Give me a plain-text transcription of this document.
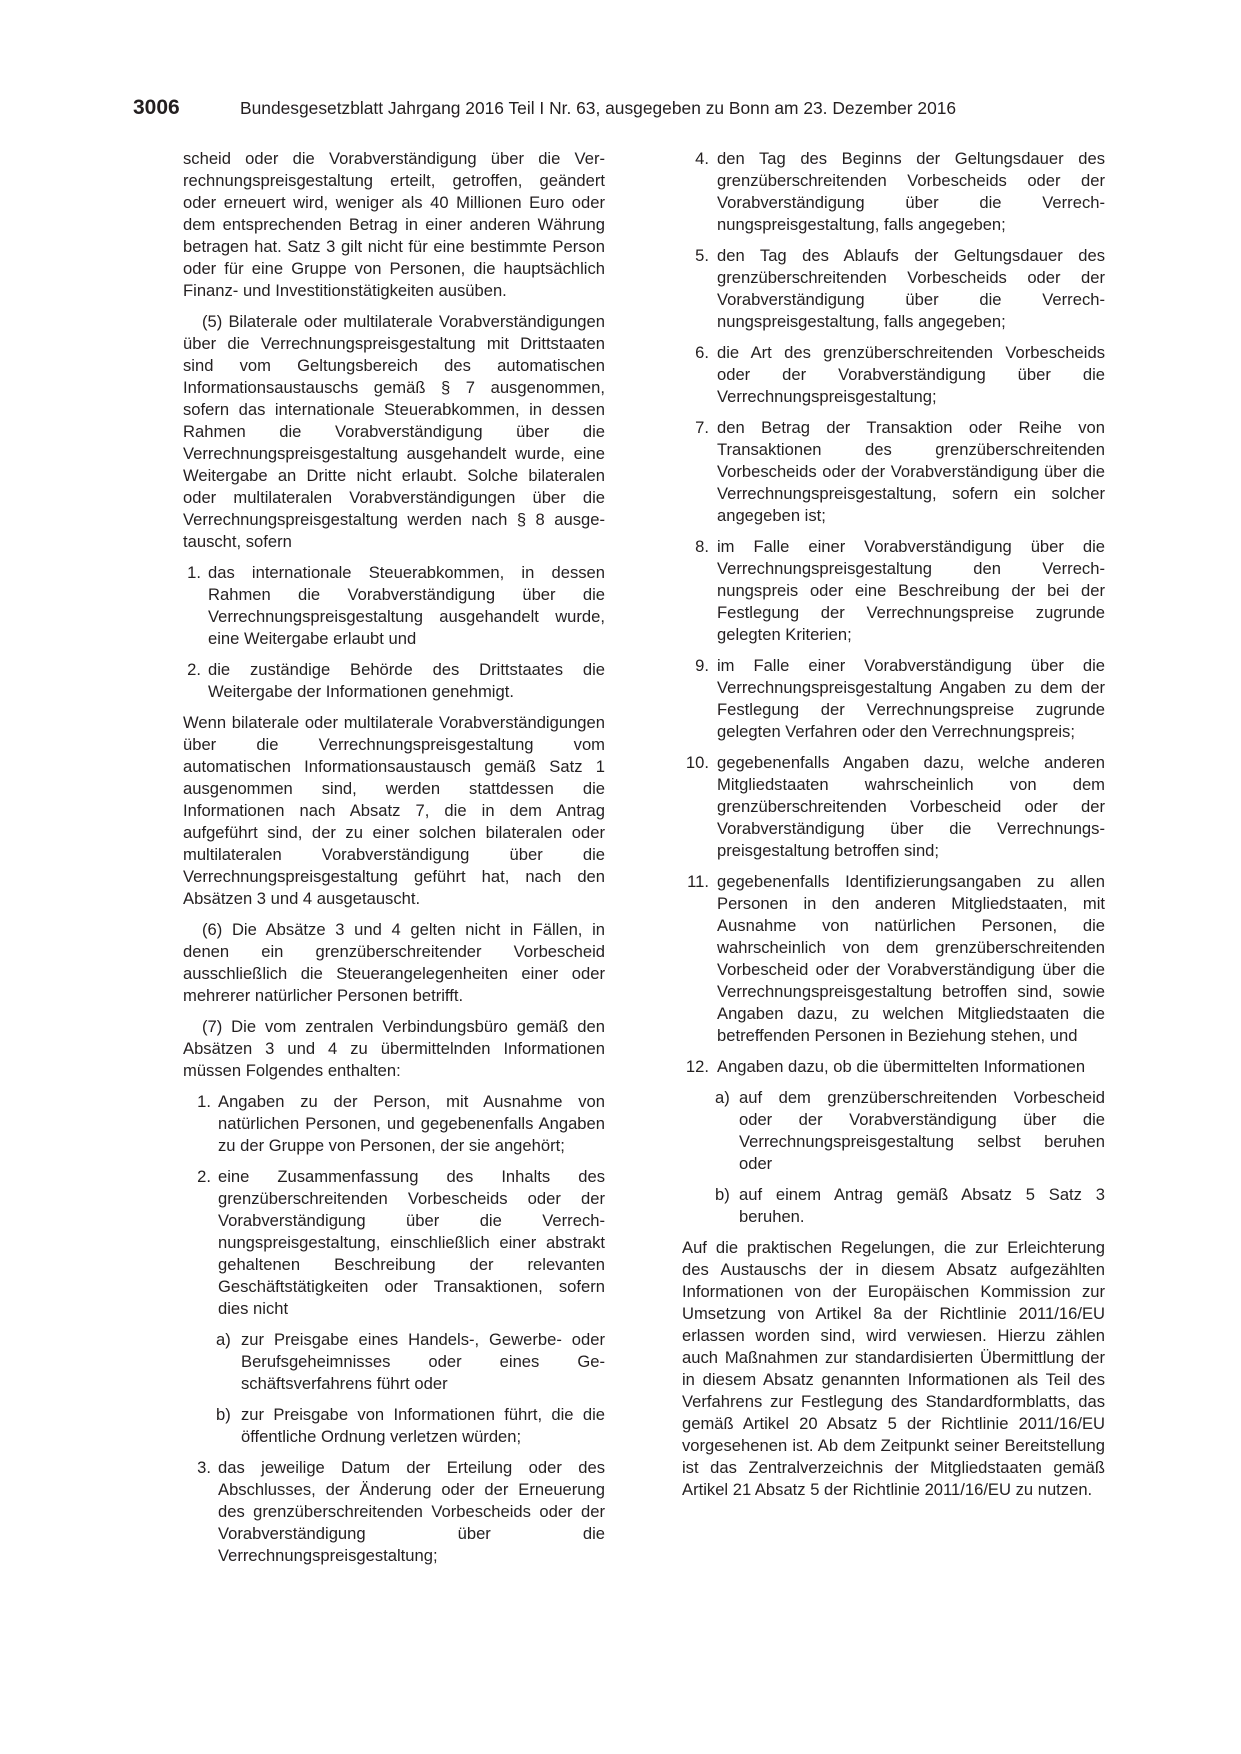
3006	Bundesgesetzblatt Jahrgang 2016 Teil I Nr. 63, ausgegeben zu Bonn am 23. Dezember 2016

scheid oder die Vorabverständigung über die Verrechnungspreisgestaltung erteilt, getroffen, geändert oder erneuert wird, weniger als 40 Millionen Euro oder dem entsprechenden Betrag in einer anderen Währung betragen hat. Satz 3 gilt nicht für eine bestimmte Person oder für eine Gruppe von Personen, die hauptsächlich Finanz- und Investitionstätigkeiten ausüben.

(5) Bilaterale oder multilaterale Vorabverständigungen über die Verrechnungspreisgestaltung mit Drittstaaten sind vom Geltungsbereich des automatischen Informationsaustauschs gemäß § 7 ausgenommen, sofern das internationale Steuerabkommen, in dessen Rahmen die Vorabverständigung über die Verrechnungspreisgestaltung ausgehandelt wurde, eine Weitergabe an Dritte nicht erlaubt. Solche bilateralen oder multilateralen Vorabverständigungen über die Verrechnungspreisgestaltung werden nach § 8 ausgetauscht, sofern

1. das internationale Steuerabkommen, in dessen Rahmen die Vorabverständigung über die Verrechnungspreisgestaltung ausgehandelt wurde, eine Weitergabe erlaubt und
2. die zuständige Behörde des Drittstaates die Weitergabe der Informationen genehmigt.

Wenn bilaterale oder multilaterale Vorabverständigungen über die Verrechnungspreisgestaltung vom automatischen Informationsaustausch gemäß Satz 1 ausgenommen sind, werden stattdessen die Informationen nach Absatz 7, die in dem Antrag aufgeführt sind, der zu einer solchen bilateralen oder multilateralen Vorabverständigung über die Verrechnungspreisgestaltung geführt hat, nach den Absätzen 3 und 4 ausgetauscht.

(6) Die Absätze 3 und 4 gelten nicht in Fällen, in denen ein grenzüberschreitender Vorbescheid ausschließlich die Steuerangelegenheiten einer oder mehrerer natürlicher Personen betrifft.

(7) Die vom zentralen Verbindungsbüro gemäß den Absätzen 3 und 4 zu übermittelnden Informationen müssen Folgendes enthalten:

1. Angaben zu der Person, mit Ausnahme von natürlichen Personen, und gegebenenfalls Angaben zu der Gruppe von Personen, der sie angehört;
2. eine Zusammenfassung des Inhalts des grenzüberschreitenden Vorbescheids oder der Vorabverständigung über die Verrechnungspreisgestaltung, einschließlich einer abstrakt gehaltenen Beschreibung der relevanten Geschäftstätigkeiten oder Transaktionen, sofern dies nicht
a) zur Preisgabe eines Handels-, Gewerbe- oder Berufsgeheimnisses oder eines Geschäftsverfahrens führt oder
b) zur Preisgabe von Informationen führt, die die öffentliche Ordnung verletzen würden;
3. das jeweilige Datum der Erteilung oder des Abschlusses, der Änderung oder der Erneuerung des grenzüberschreitenden Vorbescheids oder der Vorabverständigung über die Verrechnungspreisgestaltung;
4. den Tag des Beginns der Geltungsdauer des grenzüberschreitenden Vorbescheids oder der Vorabverständigung über die Verrechnungspreisgestaltung, falls angegeben;
5. den Tag des Ablaufs der Geltungsdauer des grenzüberschreitenden Vorbescheids oder der Vorabverständigung über die Verrechnungspreisgestaltung, falls angegeben;
6. die Art des grenzüberschreitenden Vorbescheids oder der Vorabverständigung über die Verrechnungspreisgestaltung;
7. den Betrag der Transaktion oder Reihe von Transaktionen des grenzüberschreitenden Vorbescheids oder der Vorabverständigung über die Verrechnungspreisgestaltung, sofern ein solcher angegeben ist;
8. im Falle einer Vorabverständigung über die Verrechnungspreisgestaltung den Verrechnungspreis oder eine Beschreibung der bei der Festlegung der Verrechnungspreise zugrunde gelegten Kriterien;
9. im Falle einer Vorabverständigung über die Verrechnungspreisgestaltung Angaben zu dem der Festlegung der Verrechnungspreise zugrunde gelegten Verfahren oder den Verrechnungspreis;
10. gegebenenfalls Angaben dazu, welche anderen Mitgliedstaaten wahrscheinlich von dem grenzüberschreitenden Vorbescheid oder der Vorabverständigung über die Verrechnungspreisgestaltung betroffen sind;
11. gegebenenfalls Identifizierungsangaben zu allen Personen in den anderen Mitgliedstaaten, mit Ausnahme von natürlichen Personen, die wahrscheinlich von dem grenzüberschreitenden Vorbescheid oder der Vorabverständigung über die Verrechnungspreisgestaltung betroffen sind, sowie Angaben dazu, zu welchen Mitgliedstaaten die betreffenden Personen in Beziehung stehen, und
12. Angaben dazu, ob die übermittelten Informationen
a) auf dem grenzüberschreitenden Vorbescheid oder der Vorabverständigung über die Verrechnungspreisgestaltung selbst beruhen oder
b) auf einem Antrag gemäß Absatz 5 Satz 3 beruhen.

Auf die praktischen Regelungen, die zur Erleichterung des Austauschs der in diesem Absatz aufgezählten Informationen von der Europäischen Kommission zur Umsetzung von Artikel 8a der Richtlinie 2011/16/EU erlassen worden sind, wird verwiesen. Hierzu zählen auch Maßnahmen zur standardisierten Übermittlung der in diesem Absatz genannten Informationen als Teil des Verfahrens zur Festlegung des Standardformblatts, das gemäß Artikel 20 Absatz 5 der Richtlinie 2011/16/EU vorgesehenen ist. Ab dem Zeitpunkt seiner Bereitstellung ist das Zentralverzeichnis der Mitgliedstaaten gemäß Artikel 21 Absatz 5 der Richtlinie 2011/16/EU zu nutzen.
